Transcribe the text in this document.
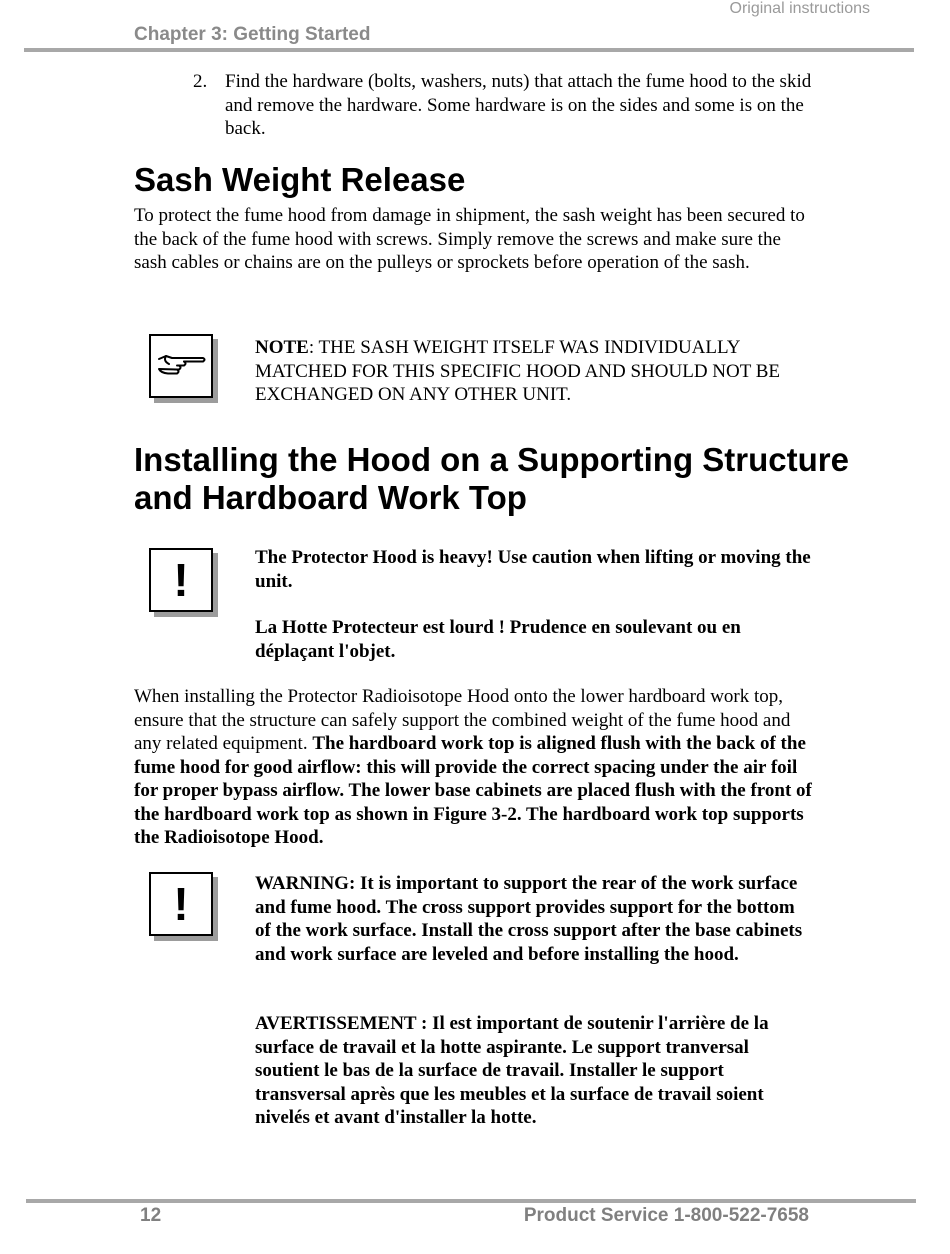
Original instructions
Chapter 3: Getting Started
2. Find the hardware (bolts, washers, nuts) that attach the fume hood to the skid and remove the hardware. Some hardware is on the sides and some is on the back.
Sash Weight Release

To protect the fume hood from damage in shipment, the sash weight has been secured to the back of the fume hood with screws. Simply remove the screws and make sure the sash cables or chains are on the pulleys or sprockets before operation of the sash.

NOTE: THE SASH WEIGHT ITSELF WAS INDIVIDUALLY MATCHED FOR THIS SPECIFIC HOOD AND SHOULD NOT BE EXCHANGED ON ANY OTHER UNIT.

Installing the Hood on a Supporting Structure and Hardboard Work Top
!	The Protector Hood is heavy! Use caution when lifting or moving the unit.

La Hotte Protecteur est lourd ! Prudence en soulevant ou en déplaçant l'objet.

When installing the Protector Radioisotope Hood onto the lower hardboard work top, ensure that the structure can safely support the combined weight of the fume hood and any related equipment. The hardboard work top is aligned flush with the back of the fume hood for good airflow: this will provide the correct spacing under the air foil for proper bypass airflow. The lower base cabinets are placed flush with the front of the hardboard work top as shown in Figure 3-2. The hardboard work top supports the Radioisotope Hood.

!	WARNING: It is important to support the rear of the work surface and fume hood. The cross support provides support for the bottom of the work surface. Install the cross support after the base cabinets and work surface are leveled and before installing the hood.

AVERTISSEMENT : Il est important de soutenir l'arrière de la surface de travail et la hotte aspirante. Le support tranversal soutient le bas de la surface de travail. Installer le support transversal après que les meubles et la surface de travail soient nivelés et avant d'installer la hotte.

12	Product Service 1-800-522-7658
